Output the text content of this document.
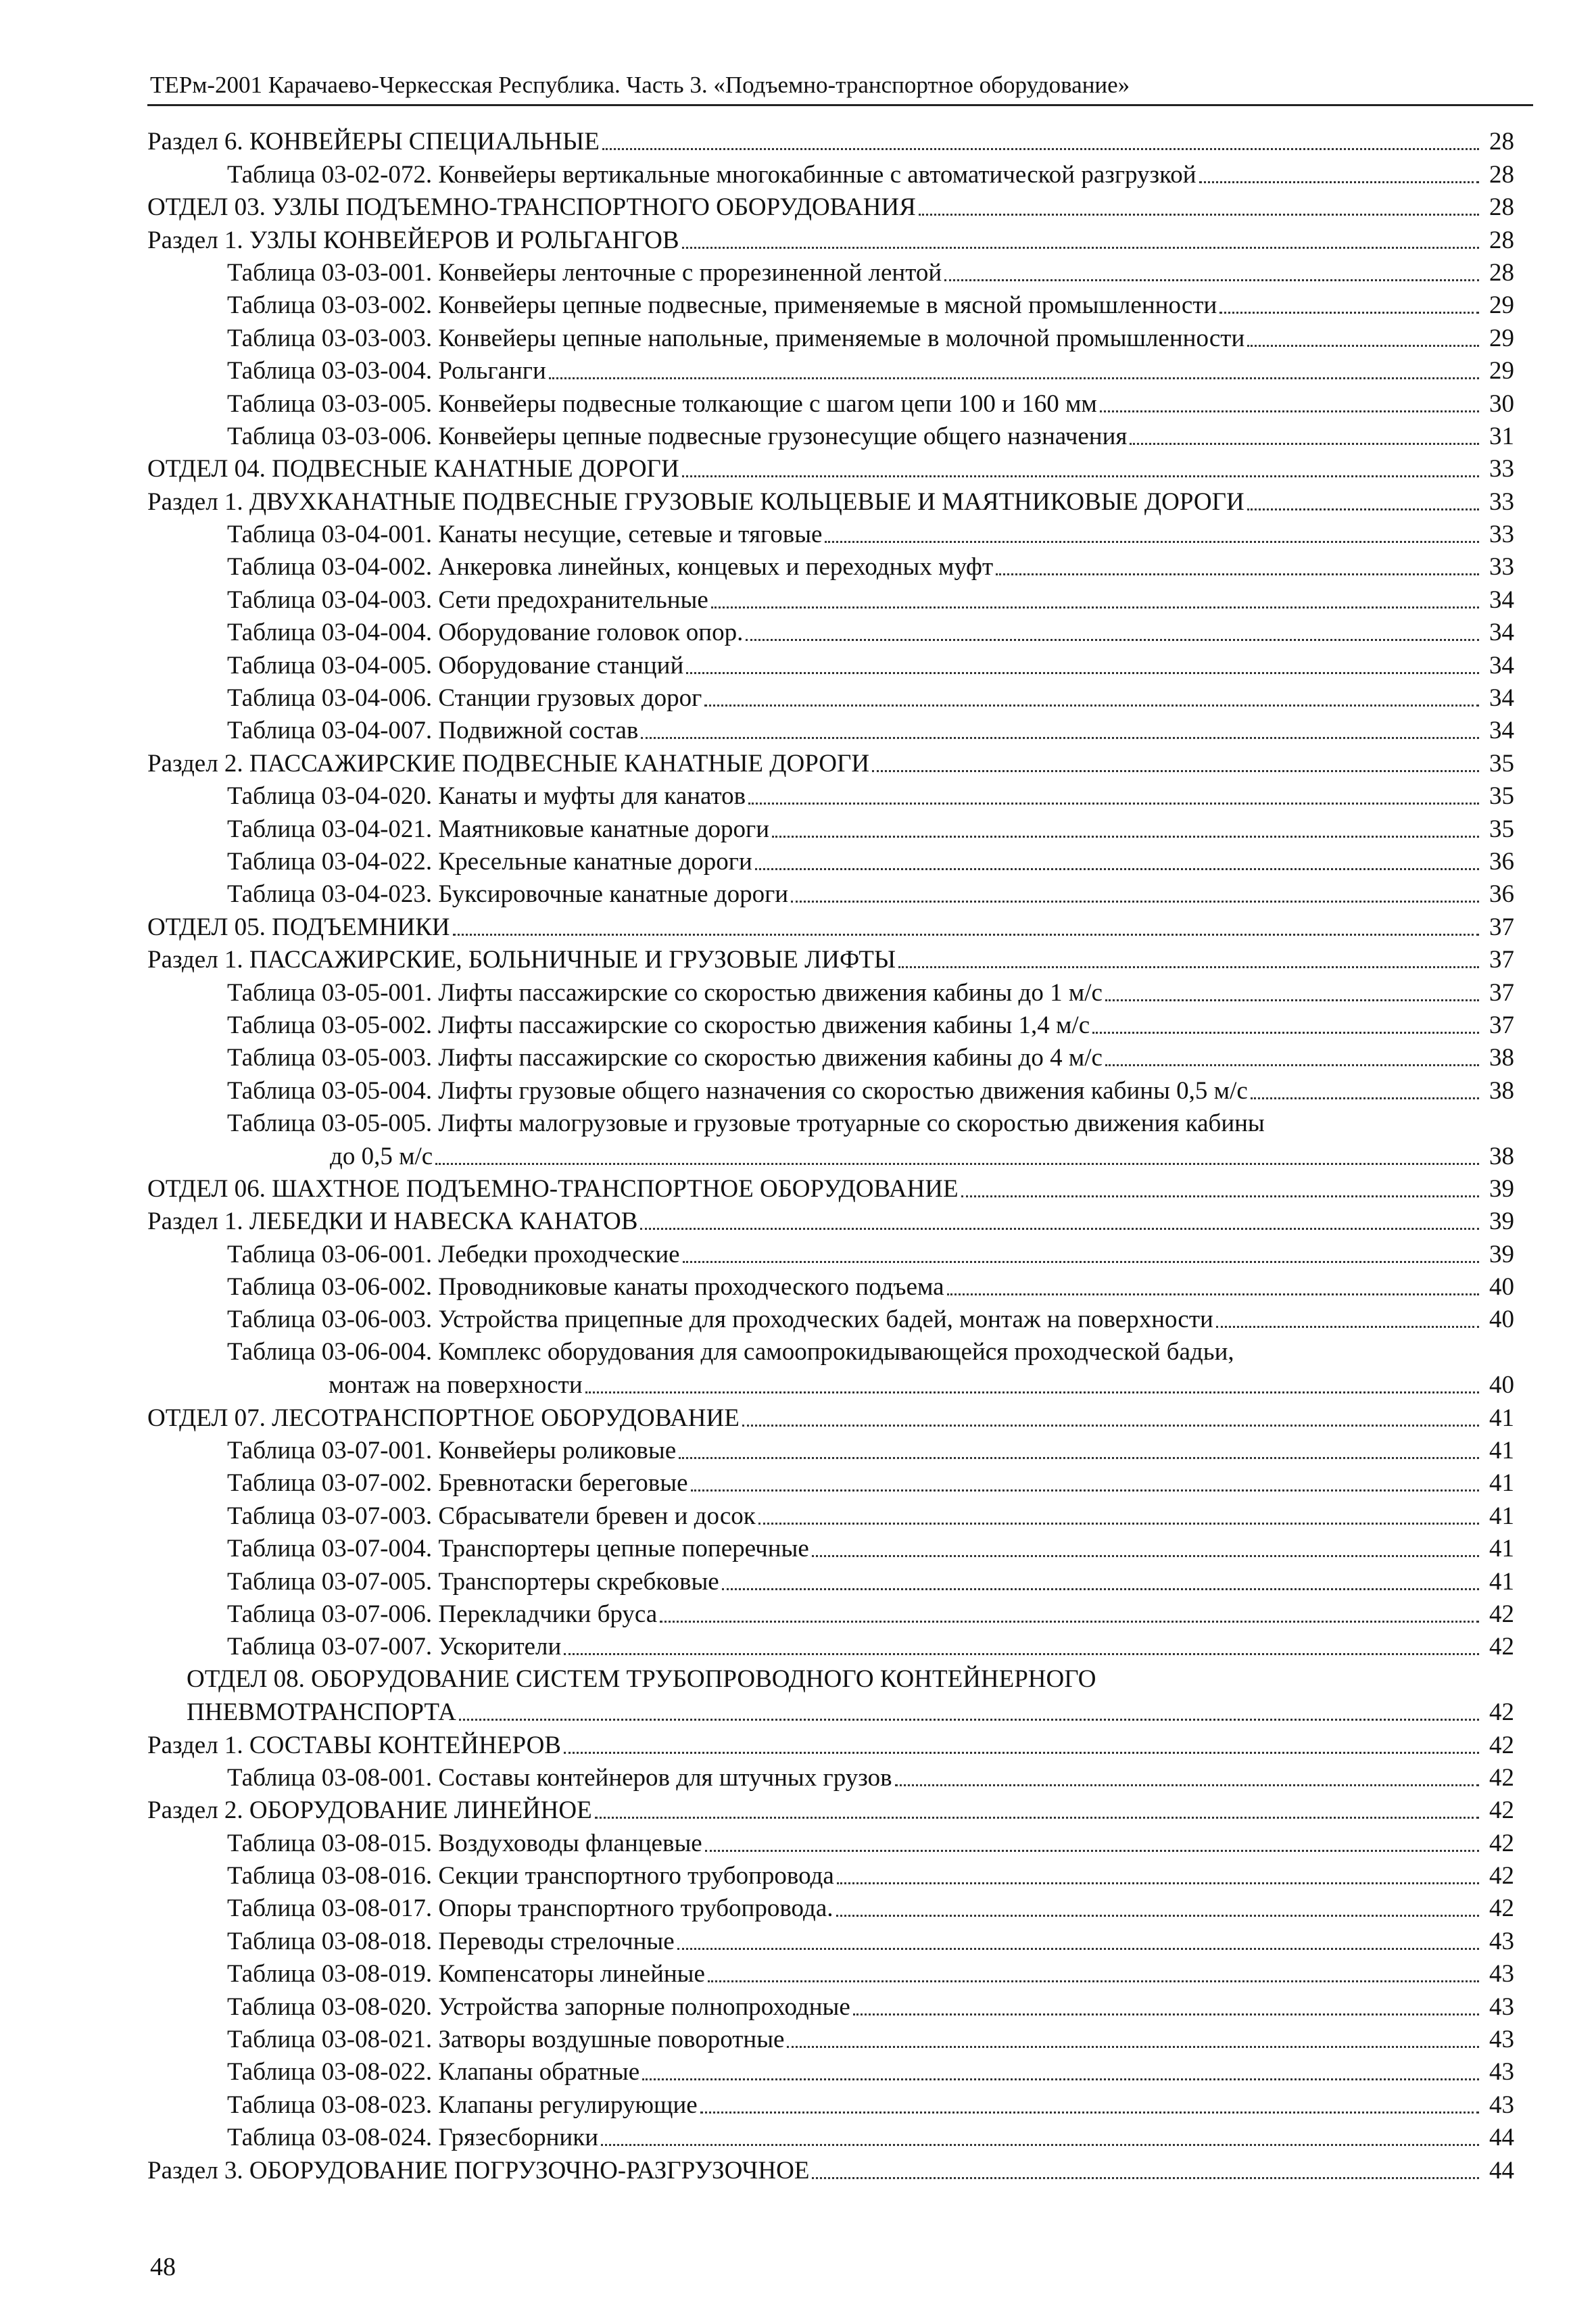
ТЕРм-2001 Карачаево-Черкесская Республика. Часть 3. «Подъемно-транспортное оборудование»
Раздел 6. КОНВЕЙЕРЫ СПЕЦИАЛЬНЫЕ	28
Таблица 03-02-072. Конвейеры вертикальные многокабинные с автоматической разгрузкой	28
ОТДЕЛ 03. УЗЛЫ ПОДЪЕМНО-ТРАНСПОРТНОГО ОБОРУДОВАНИЯ	28
Раздел 1. УЗЛЫ КОНВЕЙЕРОВ И РОЛЬГАНГОВ	28
Таблица 03-03-001. Конвейеры ленточные с прорезиненной лентой	28
Таблица 03-03-002. Конвейеры цепные подвесные, применяемые в мясной промышленности	29
Таблица 03-03-003. Конвейеры цепные напольные, применяемые в молочной промышленности	29
Таблица 03-03-004. Рольганги	29
Таблица 03-03-005. Конвейеры подвесные толкающие с шагом цепи 100 и 160 мм	30
Таблица 03-03-006. Конвейеры цепные подвесные грузонесущие общего назначения	31
ОТДЕЛ 04. ПОДВЕСНЫЕ КАНАТНЫЕ ДОРОГИ	33
Раздел 1. ДВУХКАНАТНЫЕ ПОДВЕСНЫЕ ГРУЗОВЫЕ КОЛЬЦЕВЫЕ И МАЯТНИКОВЫЕ ДОРОГИ	33
Таблица 03-04-001. Канаты несущие, сетевые и тяговые	33
Таблица 03-04-002. Анкеровка линейных, концевых и переходных муфт	33
Таблица 03-04-003. Сети предохранительные	34
Таблица 03-04-004. Оборудование головок опор.	34
Таблица 03-04-005. Оборудование станций	34
Таблица 03-04-006. Станции грузовых дорог	34
Таблица 03-04-007. Подвижной состав	34
Раздел 2. ПАССАЖИРСКИЕ ПОДВЕСНЫЕ КАНАТНЫЕ ДОРОГИ	35
Таблица 03-04-020. Канаты и муфты для канатов	35
Таблица 03-04-021. Маятниковые канатные дороги	35
Таблица 03-04-022. Кресельные канатные дороги	36
Таблица 03-04-023. Буксировочные канатные дороги	36
ОТДЕЛ 05. ПОДЪЕМНИКИ	37
Раздел 1. ПАССАЖИРСКИЕ, БОЛЬНИЧНЫЕ И ГРУЗОВЫЕ ЛИФТЫ	37
Таблица 03-05-001. Лифты пассажирские со скоростью движения кабины до 1 м/с	37
Таблица 03-05-002. Лифты пассажирские со скоростью движения кабины 1,4 м/с	37
Таблица 03-05-003. Лифты пассажирские со скоростью движения кабины до 4 м/с	38
Таблица 03-05-004. Лифты грузовые общего назначения со скоростью движения кабины 0,5 м/с	38
Таблица 03-05-005. Лифты малогрузовые и грузовые тротуарные со скоростью движения кабины
до 0,5 м/с	38
ОТДЕЛ 06. ШАХТНОЕ ПОДЪЕМНО-ТРАНСПОРТНОЕ ОБОРУДОВАНИЕ	39
Раздел 1. ЛЕБЕДКИ И НАВЕСКА КАНАТОВ	39
Таблица 03-06-001. Лебедки проходческие	39
Таблица 03-06-002. Проводниковые канаты проходческого подъема	40
Таблица 03-06-003. Устройства прицепные для проходческих бадей, монтаж на поверхности	40
Таблица 03-06-004. Комплекс оборудования для самоопрокидывающейся проходческой бадьи,
монтаж на поверхности	40
ОТДЕЛ 07. ЛЕСОТРАНСПОРТНОЕ ОБОРУДОВАНИЕ	41
Таблица 03-07-001. Конвейеры роликовые	41
Таблица 03-07-002. Бревнотаски береговые	41
Таблица 03-07-003. Сбрасыватели бревен и досок	41
Таблица 03-07-004. Транспортеры цепные поперечные	41
Таблица 03-07-005. Транспортеры скребковые	41
Таблица 03-07-006. Перекладчики бруса	42
Таблица 03-07-007. Ускорители	42
ОТДЕЛ 08. ОБОРУДОВАНИЕ СИСТЕМ ТРУБОПРОВОДНОГО КОНТЕЙНЕРНОГО
ПНЕВМОТРАНСПОРТА	42
Раздел 1. СОСТАВЫ КОНТЕЙНЕРОВ	42
Таблица 03-08-001. Составы контейнеров для штучных грузов	42
Раздел 2. ОБОРУДОВАНИЕ ЛИНЕЙНОЕ	42
Таблица 03-08-015. Воздуховоды фланцевые	42
Таблица 03-08-016. Секции транспортного трубопровода	42
Таблица 03-08-017. Опоры транспортного трубопровода.	42
Таблица 03-08-018. Переводы стрелочные	43
Таблица 03-08-019. Компенсаторы линейные	43
Таблица 03-08-020. Устройства запорные полнопроходные	43
Таблица 03-08-021. Затворы воздушные поворотные	43
Таблица 03-08-022. Клапаны обратные	43
Таблица 03-08-023. Клапаны регулирующие	43
Таблица 03-08-024. Грязесборники	44
Раздел 3. ОБОРУДОВАНИЕ ПОГРУЗОЧНО-РАЗГРУЗОЧНОЕ	44
48
